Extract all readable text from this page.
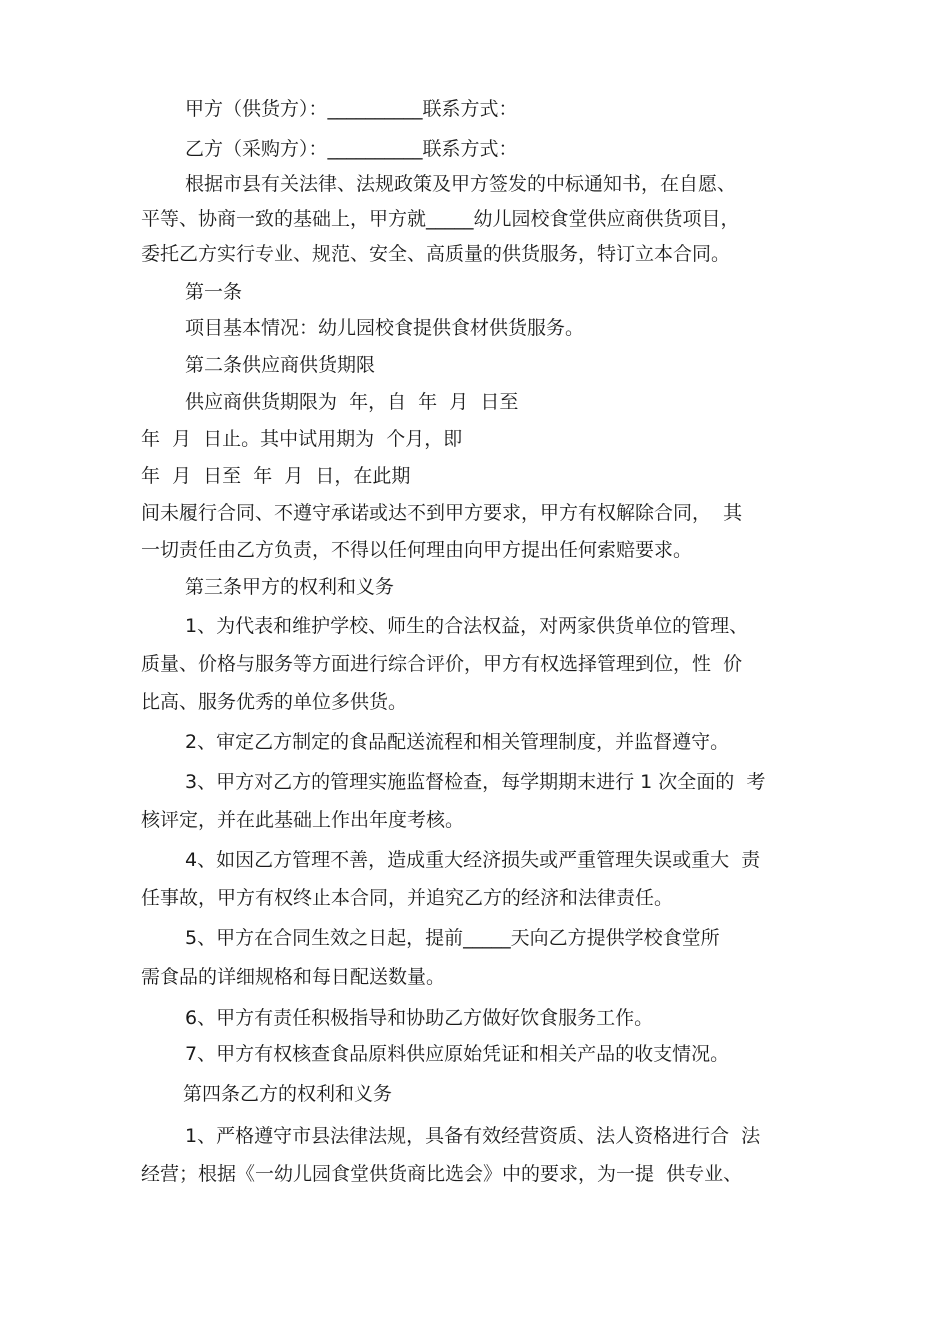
甲方（供货方）：__________联系方式：
乙方（采购方）：__________联系方式：
根据市县有关法律、法规政策及甲方签发的中标通知书，在自愿、
平等、协商一致的基础上，甲方就_____幼儿园校食堂供应商供货项目，
委托乙方实行专业、规范、安全、高质量的供货服务，特订立本合同。
第一条
项目基本情况：幼儿园校食提供食材供货服务。
第二条供应商供货期限
供应商供货期限为  年，自  年  月  日至
年  月  日止。其中试用期为  个月，即
年  月  日至  年  月  日，在此期
间未履行合同、不遵守承诺或达不到甲方要求，甲方有权解除合同，  其
一切责任由乙方负责，不得以任何理由向甲方提出任何索赔要求。
第三条甲方的权利和义务
1、为代表和维护学校、师生的合法权益，对两家供货单位的管理、
质量、价格与服务等方面进行综合评价，甲方有权选择管理到位，性  价
比高、服务优秀的单位多供货。
2、审定乙方制定的食品配送流程和相关管理制度，并监督遵守。
3、甲方对乙方的管理实施监督检查，每学期期末进行 1 次全面的  考
核评定，并在此基础上作出年度考核。
4、如因乙方管理不善，造成重大经济损失或严重管理失误或重大  责
任事故，甲方有权终止本合同，并追究乙方的经济和法律责任。
5、甲方在合同生效之日起，提前_____天向乙方提供学校食堂所
需食品的详细规格和每日配送数量。
6、甲方有责任积极指导和协助乙方做好饮食服务工作。
7、甲方有权核查食品原料供应原始凭证和相关产品的收支情况。
第四条乙方的权利和义务
1、严格遵守市县法律法规，具备有效经营资质、法人资格进行合  法
经营；根据《一幼儿园食堂供货商比选会》中的要求，为一提  供专业、
